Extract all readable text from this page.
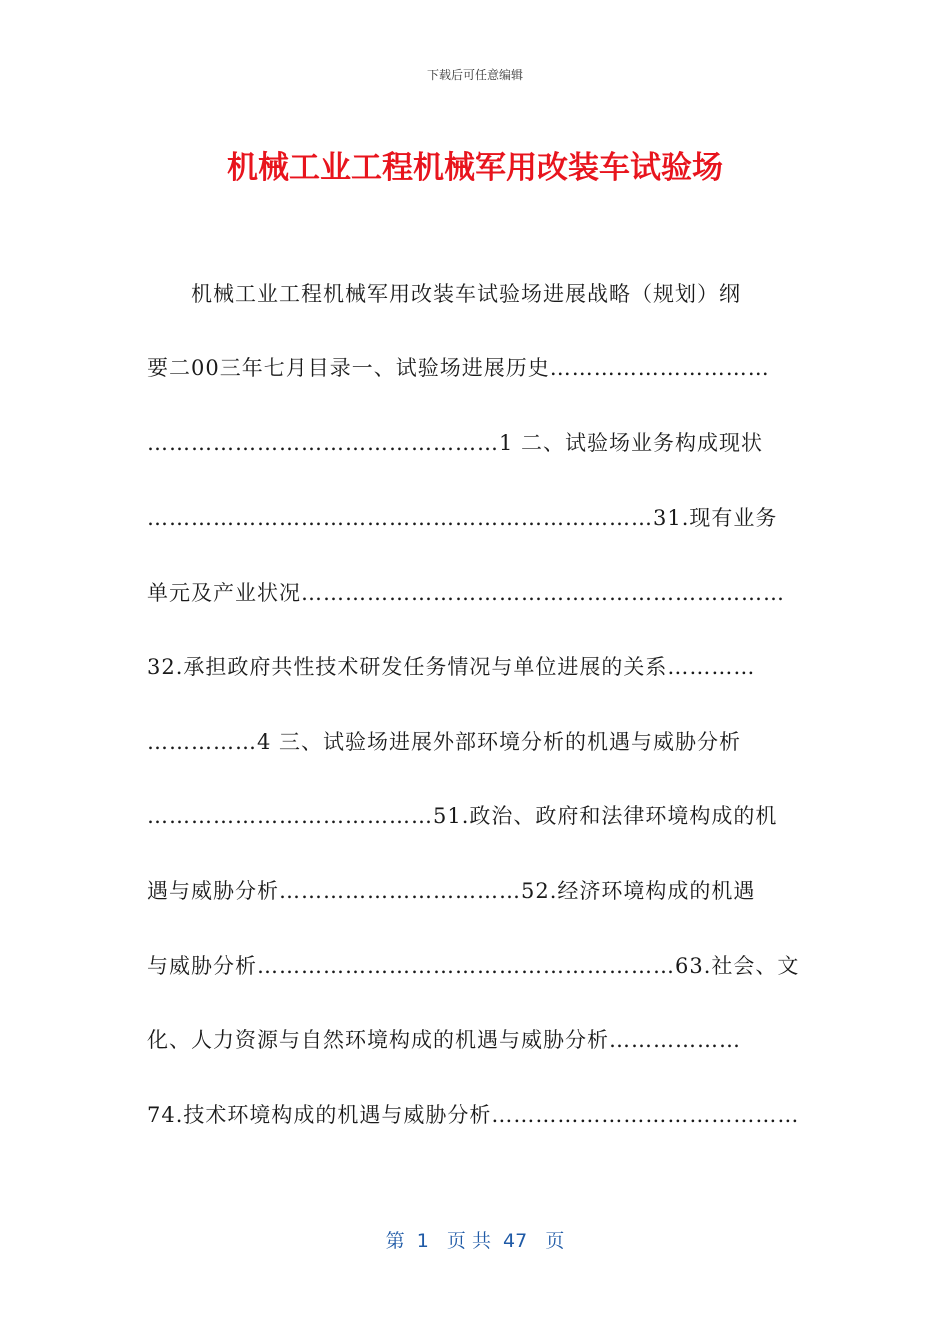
下载后可任意编辑
机械工业工程机械军用改装车试验场
　　机械工业工程机械军用改装车试验场进展战略（规划）纲
要二00三年七月目录一、试验场进展历史…………………………
…………………………………………1 二、试验场业务构成现状
……………………………………………………………31.现有业务
单元及产业状况…………………………………………………………
32.承担政府共性技术研发任务情况与单位进展的关系…………
……………4 三、试验场进展外部环境分析的机遇与威胁分析
…………………………………51.政治、政府和法律环境构成的机
遇与威胁分析……………………………52.经济环境构成的机遇
与威胁分析…………………………………………………63.社会、文
化、人力资源与自然环境构成的机遇与威胁分析………………
74.技术环境构成的机遇与威胁分析……………………………………
第  1   页 共  47   页
